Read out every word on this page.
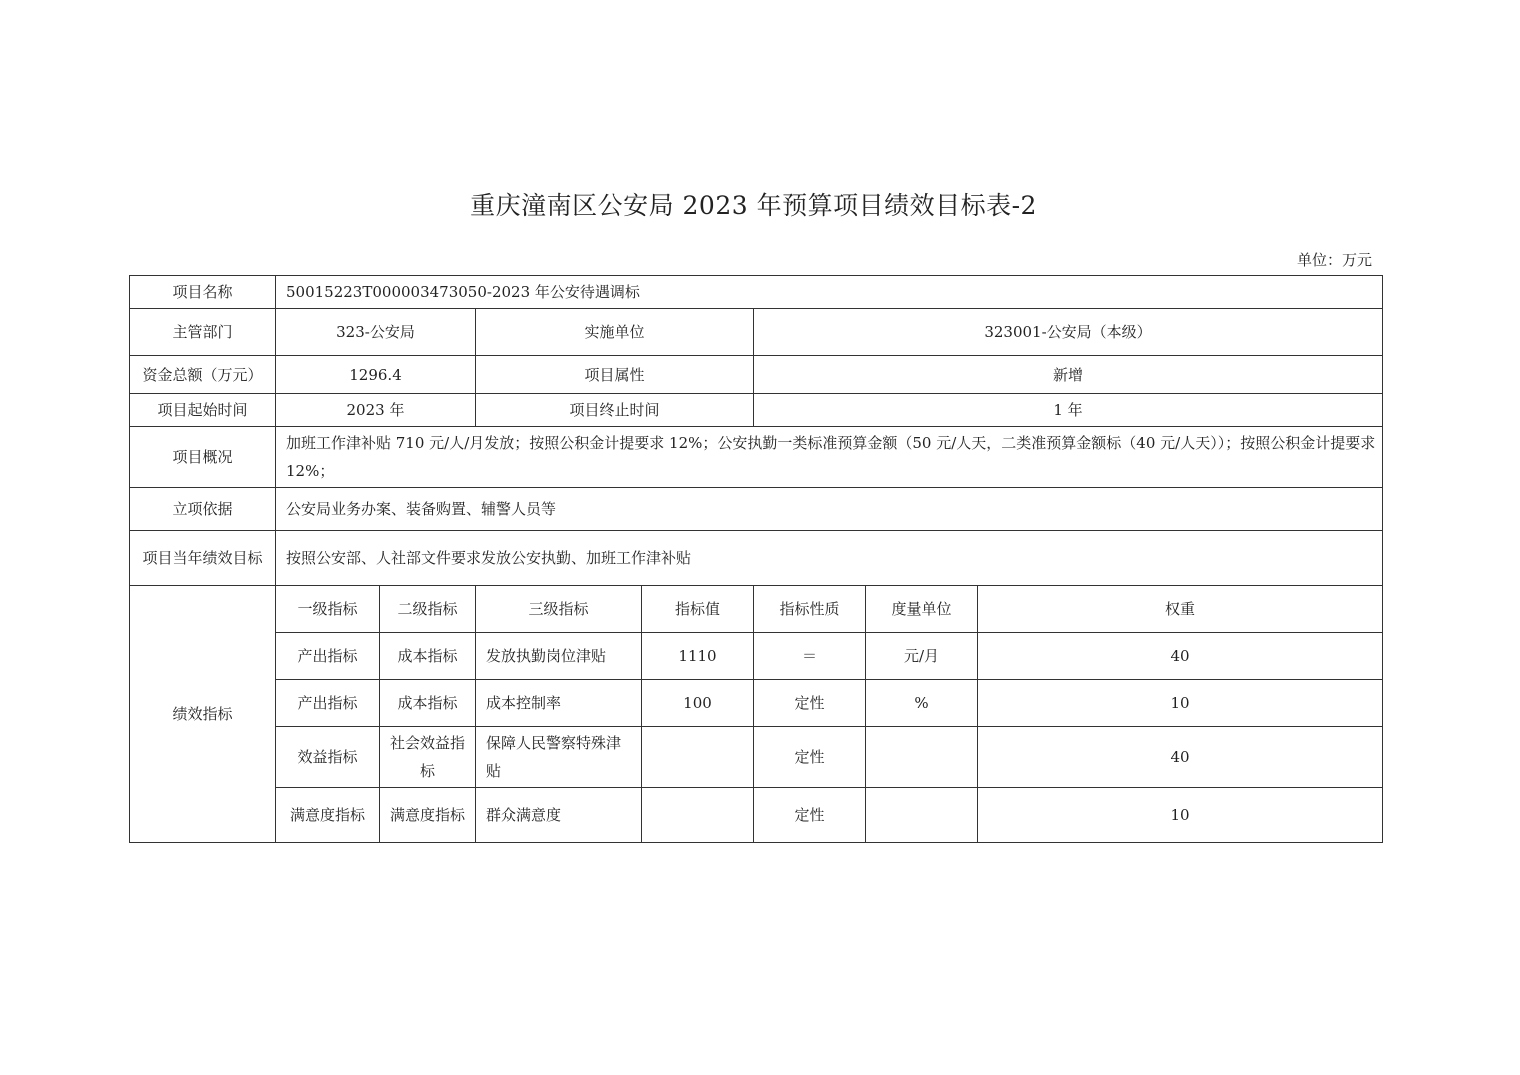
重庆潼南区公安局 2023 年预算项目绩效目标表-2
单位：万元
项目名称	50015223T000003473050-2023 年公安待遇调标						
主管部门	323-公安局		实施单位		323001-公安局（本级）		
资金总额（万元）	1296.4		项目属性		新增		
项目起始时间	2023 年		项目终止时间		1 年		
项目概况	加班工作津补贴 710 元/人/月发放；按照公积金计提要求 12%；公安执勤一类标准预算金额（50 元/人天，二类准预算金额标（40 元/人天））；按照公积金计提要求 12%；						
立项依据	公安局业务办案、装备购置、辅警人员等						
项目当年绩效目标	按照公安部、人社部文件要求发放公安执勤、加班工作津补贴						
绩效指标	一级指标	二级指标	三级指标	指标值	指标性质	度量单位	权重
	产出指标	成本指标	发放执勤岗位津贴	1110	＝	元/月	40
	产出指标	成本指标	成本控制率	100	定性	%	10
	效益指标	社会效益指标	保障人民警察特殊津贴		定性		40
	满意度指标	满意度指标	群众满意度		定性		10
